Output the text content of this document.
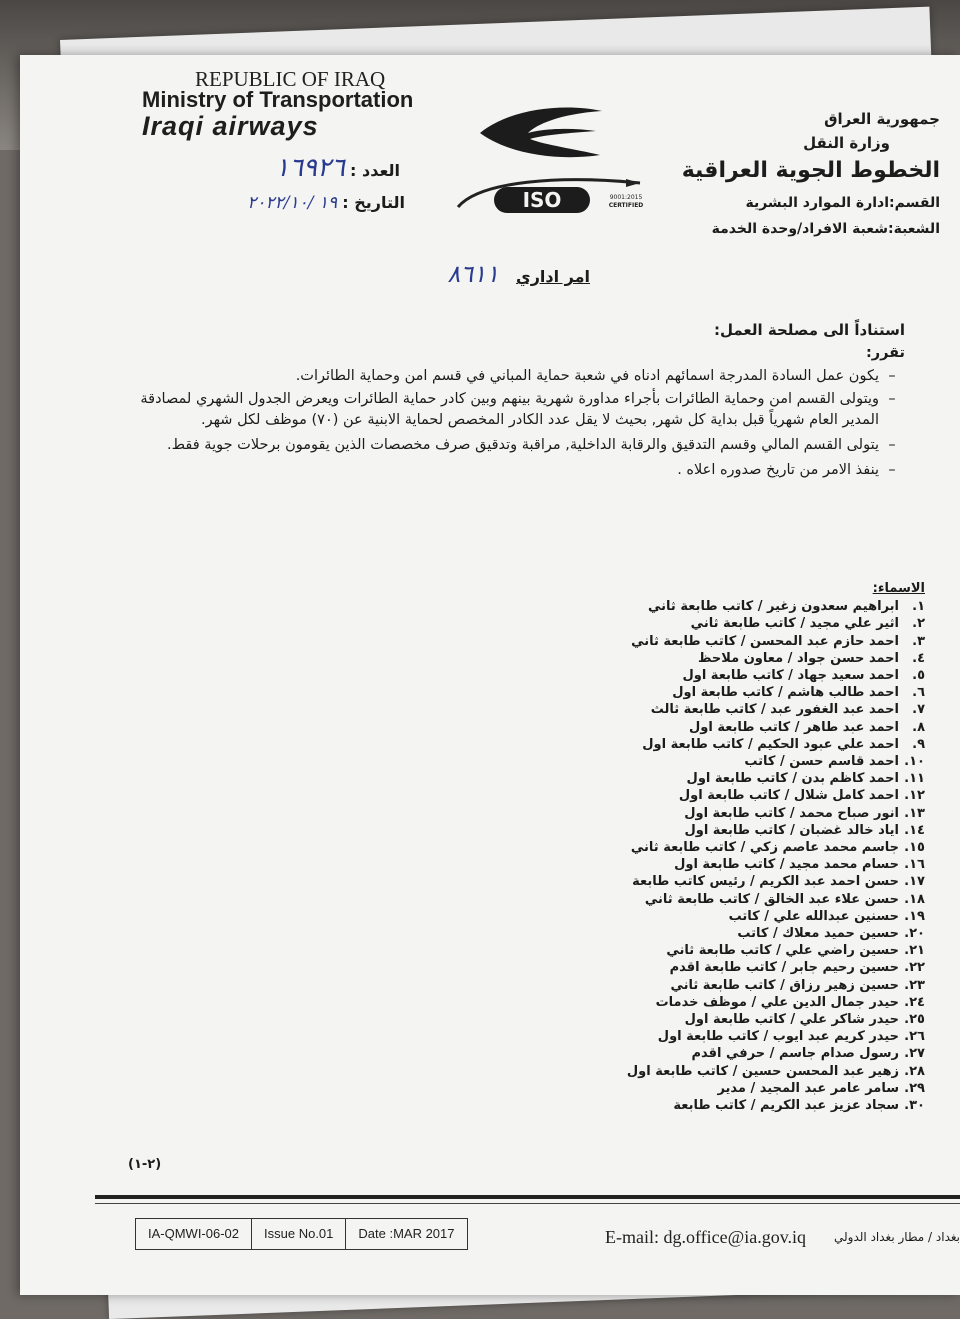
REPUBLIC OF IRAQ
Ministry of Transportation
Iraqi airways
العدد : ١٦٩٢٦
التاريخ : ١٩ /٢٠٢٢/١٠	ISO	9001:2015
CERTIFIED
جمهورية العراق
وزارة النقل
الخطوط الجوية العراقية
القسم:ادارة الموارد البشرية
الشعبة:شعبة الافراد/وحدة الخدمة
امر اداري ٨٦١١

استناداً الى مصلحة العمل:

تقرر:

–
يكون عمل السادة المدرجة اسمائهم ادناه في شعبة حماية المباني في قسم امن وحماية الطائرات.
–
ويتولى القسم امن وحماية الطائرات بأجراء مداورة شهرية بينهم وبين كادر حماية الطائرات ويعرض الجدول الشهري لمصادقة المدير العام شهرياً قبل بداية كل شهر, بحيث لا يقل عدد الكادر المخصص لحماية الابنية عن (٧٠) موظف لكل شهر.
–
يتولى القسم المالي وقسم التدقيق والرقابة الداخلية, مراقبة وتدقيق صرف مخصصات الذين يقومون برحلات جوية فقط.
–
ينفذ الامر من تاريخ صدوره اعلاه .
الاسماء:
١.ابراهيم سعدون زغير / كاتب طابعة ثاني
٢.اثير علي مجيد / كاتب طابعة ثاني
٣.احمد حازم عبد المحسن / كاتب طابعة ثاني
٤.احمد حسن جواد / معاون ملاحظ
٥.احمد سعيد جهاد / كاتب طابعة اول
٦.احمد طالب هاشم / كاتب طابعة اول
٧.احمد عبد الغفور عبد / كاتب طابعة ثالث
٨.احمد عبد طاهر / كاتب طابعة اول
٩.احمد علي عبود الحكيم / كاتب طابعة اول
١٠.احمد قاسم حسن / كاتب
١١.احمد كاظم بدن / كاتب طابعة اول
١٢.احمد كامل شلال / كاتب طابعة اول
١٣.انور صباح محمد / كاتب طابعة اول
١٤.اياد خالد غضبان / كاتب طابعة اول
١٥.جاسم محمد عاصم زكي / كاتب طابعة ثاني
١٦.حسام محمد مجيد / كاتب طابعة اول
١٧.حسن احمد عبد الكريم / رئيس كاتب طابعة
١٨.حسن علاء عبد الخالق / كاتب طابعة ثاني
١٩.حسنين عبدالله علي / كاتب
٢٠.حسين حميد معلاك / كاتب
٢١.حسين راضي علي / كاتب طابعة ثاني
٢٢.حسين رحيم جابر / كاتب طابعة اقدم
٢٣.حسين زهير رزاق / كاتب طابعة ثاني
٢٤.حيدر جمال الدين علي / موظف خدمات
٢٥.حيدر شاكر علي / كاتب طابعة اول
٢٦.حيدر كريم عبد ايوب / كاتب طابعة اول
٢٧.رسول صدام جاسم / حرفي اقدم
٢٨.زهير عبد المحسن حسين / كاتب طابعة اول
٢٩.سامر عامر عبد المجيد / مدير
٣٠.سجاد عزيز عبد الكريم / كاتب طابعة
(٢-١)
IA-QMWI-06-02	Issue No.01	Date :MAR 2017	E-mail: dg.office@ia.gov.iq	بغداد / مطار بغداد الدولي
